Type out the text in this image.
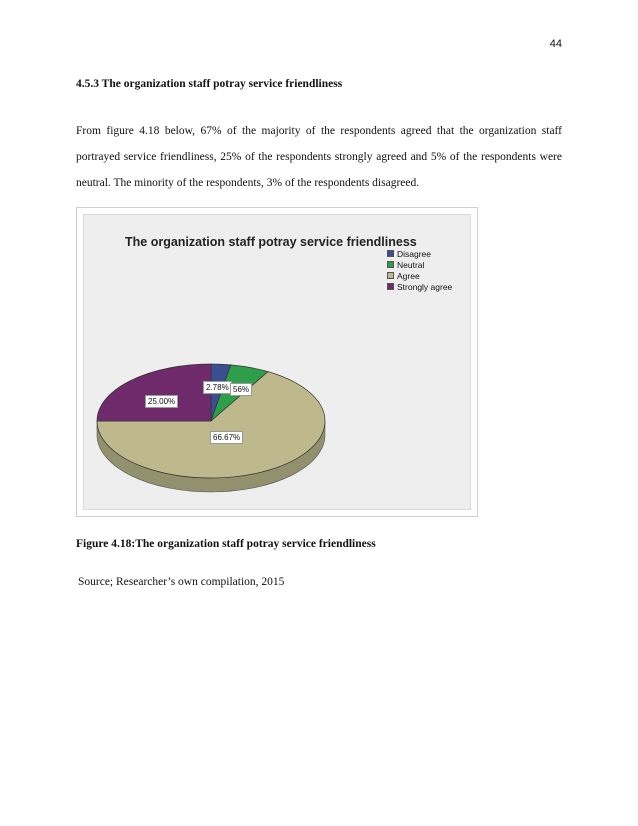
44
4.5.3 The organization staff potray service friendliness

From figure 4.18 below, 67% of the majority of the respondents agreed that the organization staff portrayed service friendliness, 25% of the respondents strongly agreed and 5% of the respondents were neutral. The minority of the respondents, 3% of the respondents disagreed.

The organization staff potray service friendliness
Disagree
Neutral
Agree
Strongly agree
2.78% 56%
66.67%
25.00%
Figure 4.18:The organization staff potray service friendliness
Source; Researcher’s own compilation, 2015
